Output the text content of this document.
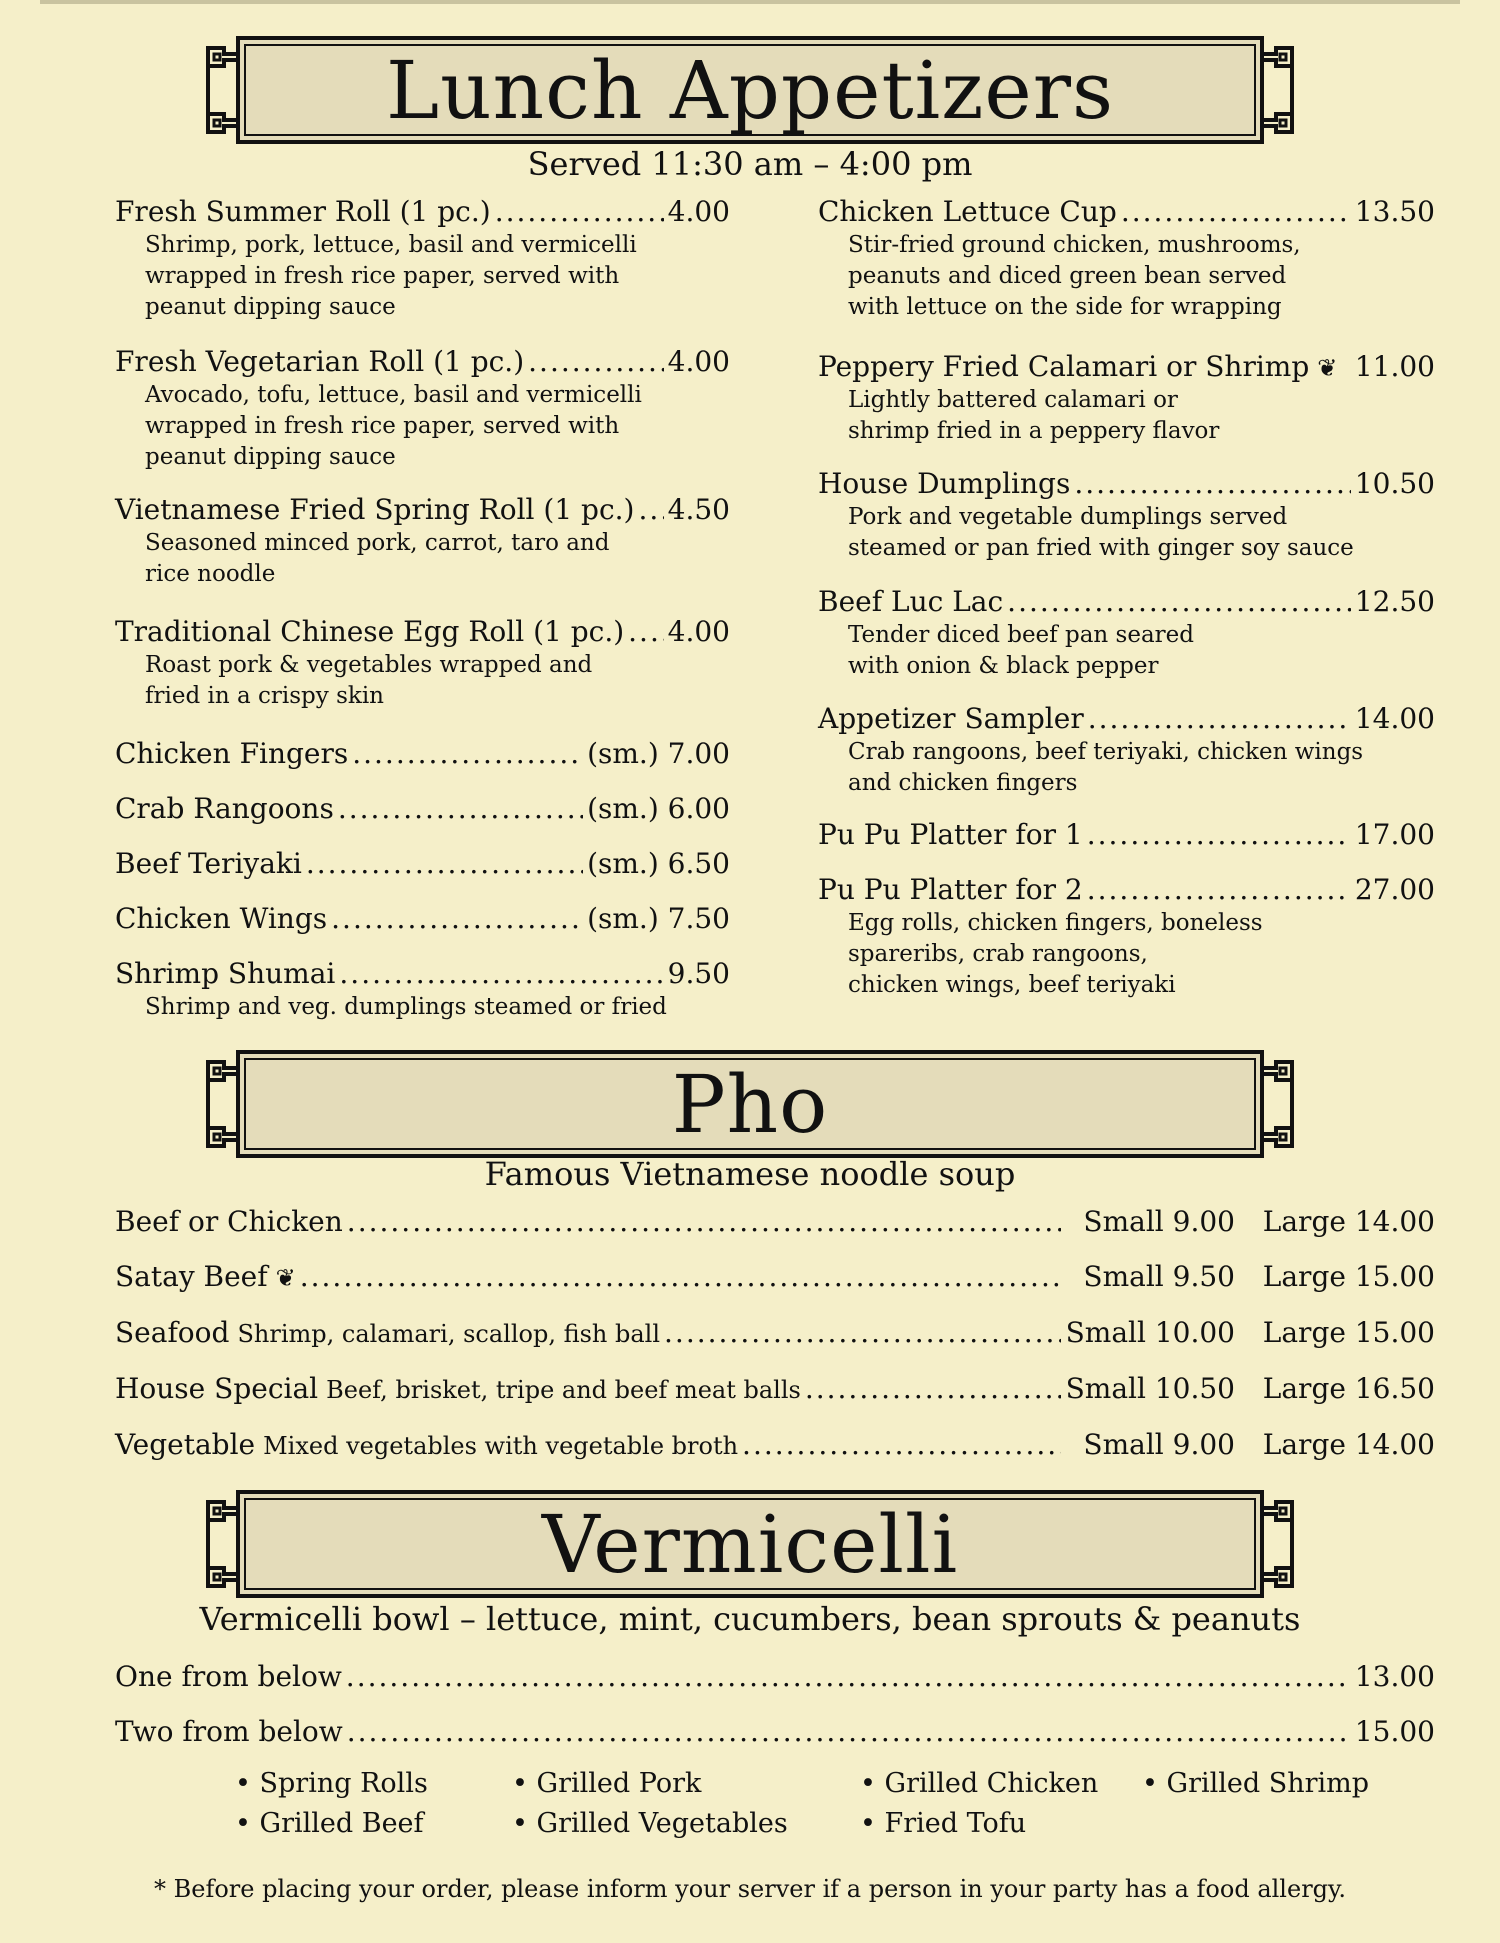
Lunch Appetizers
Served 11:30 am – 4:00 pm
Fresh Summer Roll (1 pc.) .....	4.00
Shrimp, pork, lettuce, basil and vermicelli
wrapped in fresh rice paper, served with
peanut dipping sauce
Fresh Vegetarian Roll (1 pc.) .....	4.00
Avocado, tofu, lettuce, basil and vermicelli
wrapped in fresh rice paper, served with
peanut dipping sauce
Vietnamese Fried Spring Roll (1 pc.) ..... 4.50
Seasoned minced pork, carrot, taro and
rice noodle
Traditional Chinese Egg Roll (1 pc.) ..... 4.00
Roast pork & vegetables wrapped and
fried in a crispy skin
Chicken Fingers .....	(sm.) 7.00
Crab Rangoons .....	(sm.) 6.00
Beef Teriyaki .....	(sm.) 6.50
Chicken Wings .....	(sm.) 7.50
Shrimp Shumai .....	9.50
Shrimp and veg. dumplings steamed or fried
Chicken Lettuce Cup .....	13.50
Stir-fried ground chicken, mushrooms,
peanuts and diced green bean served
with lettuce on the side for wrapping
Peppery Fried Calamari or Shrimp ❦ 11.00
Lightly battered calamari or
shrimp fried in a peppery flavor
House Dumplings .....	10.50
Pork and vegetable dumplings served
steamed or pan fried with ginger soy sauce
Beef Luc Lac .....	12.50
Tender diced beef pan seared
with onion & black pepper
Appetizer Sampler .....	14.00
Crab rangoons, beef teriyaki, chicken wings
and chicken fingers
Pu Pu Platter for 1 .....	17.00
Pu Pu Platter for 2 .....	27.00
Egg rolls, chicken fingers, boneless
spareribs, crab rangoons,
chicken wings, beef teriyaki
Pho
Famous Vietnamese noodle soup
Beef or Chicken .....	Small 9.00 Large 14.00
Satay Beef ❦ .....	Small 9.50 Large 15.00
Seafood Shrimp, calamari, scallop, fish ball .....	Small 10.00 Large 15.00
House Special Beef, brisket, tripe and beef meat balls .....	Small 10.50 Large 16.50
Vegetable Mixed vegetables with vegetable broth .....	Small 9.00 Large 14.00
Vermicelli
Vermicelli bowl – lettuce, mint, cucumbers, bean sprouts & peanuts
One from below .....	13.00
Two from below .....	15.00
• Spring Rolls	• Grilled Pork	• Grilled Chicken • Grilled Shrimp
• Grilled Beef	• Grilled Vegetables	• Fried Tofu
* Before placing your order, please inform your server if a person in your party has a food allergy.
